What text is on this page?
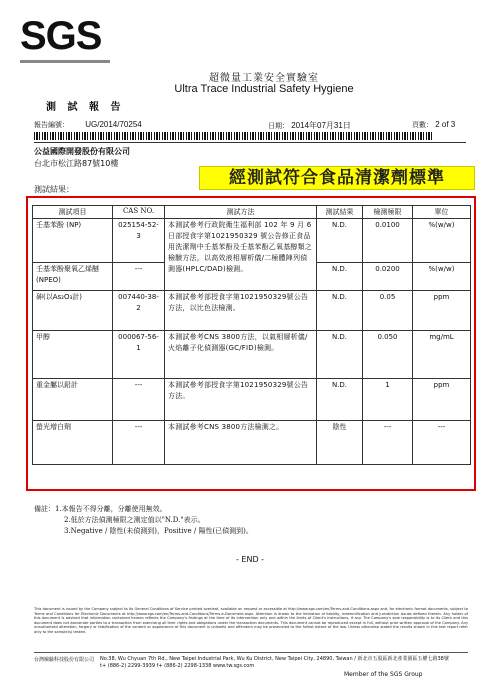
SGS
超微量工業安全實驗室
Ultra Trace Industrial Safety Hygiene
測 試 報 告
報告編號： UG/2014/70254	日期： 2014年07月31日	頁數： 2 of 3
公益國際開發股份有限公司
台北市松江路87號10樓
經測試符合食品清潔劑標準
測試結果：
測試項目	CAS NO.	測試方法	測試結果	檢測極限	單位
壬基苯酚 (NP)	025154-52-3	本測試參考行政院衛生福利部 102 年 9 月 6 日部授食字第1021950329 號公告修正食品用洗潔劑中壬基苯酚及壬基苯酚乙氧基醇類之檢驗方法，以高效液相層析儀/二極體陣列偵測器(HPLC/DAD)檢測。	N.D.	0.0100	%(w/w)
壬基苯酚聚氧乙烯醚 (NPEO)	---		N.D.	0.0200	%(w/w)
砷(以As₂O₃計)	007440-38-2	本測試參考部授食字第1021950329號公告方法，以比色法檢測。	N.D.	0.05	ppm
甲醇	000067-56-1	本測試參考CNS 3800方法，以氣相層析儀/火焰離子化偵測器(GC/FID)檢測。	N.D.	0.050	mg/mL
重金屬以鉛計	---	本測試參考部授食字第1021950329號公告方法。	N.D.	1	ppm
螢光增白劑	---	本測試參考CNS 3800方法檢測之。	陰性	---	---
備註：1.本報告不得分離，分離使用無效。
2.低於方法偵測極限之測定值以"N.D."表示。
3.Negative / 陰性(未偵測到)，Positive / 陽性(已偵測到)。
- END -
This document is issued by the Company subject to its General Conditions of Service printed overleaf, available on request or accessible at http://www.sgs.com/en/Terms-and-Conditions.aspx and, for electronic format documents, subject to Terms and Conditions for Electronic Documents at http://www.sgs.com/en/Terms-and-Conditions/Terms-e-Document.aspx. Attention is drawn to the limitation of liability, indemnification and jurisdiction issues defined therein. Any holder of this document is advised that information contained hereon reflects the Company's findings at the time of its intervention only and within the limits of Client's instructions, if any. The Company's sole responsibility is to its Client and this document does not exonerate parties to a transaction from exercising all their rights and obligations under the transaction documents. This document cannot be reproduced except in full, without prior written approval of the Company. Any unauthorized alteration, forgery or falsification of the content or appearance of this document is unlawful and offenders may be prosecuted to the fullest extent of the law. Unless otherwise stated the results shown in this test report refer only to the sample(s) tested.
台灣檢驗科技股份有限公司 No.38, Wu Chyuan 7th Rd., New Taipei Industrial Park, Wu Ku District, New Taipei City, 24890, Taiwan / 新北市五股區新北產業園區五權七路38號
t+ (886-2) 2299-3939 f+ (886-2) 2298-1338 www.tw.sgs.com
Member of the SGS Group
